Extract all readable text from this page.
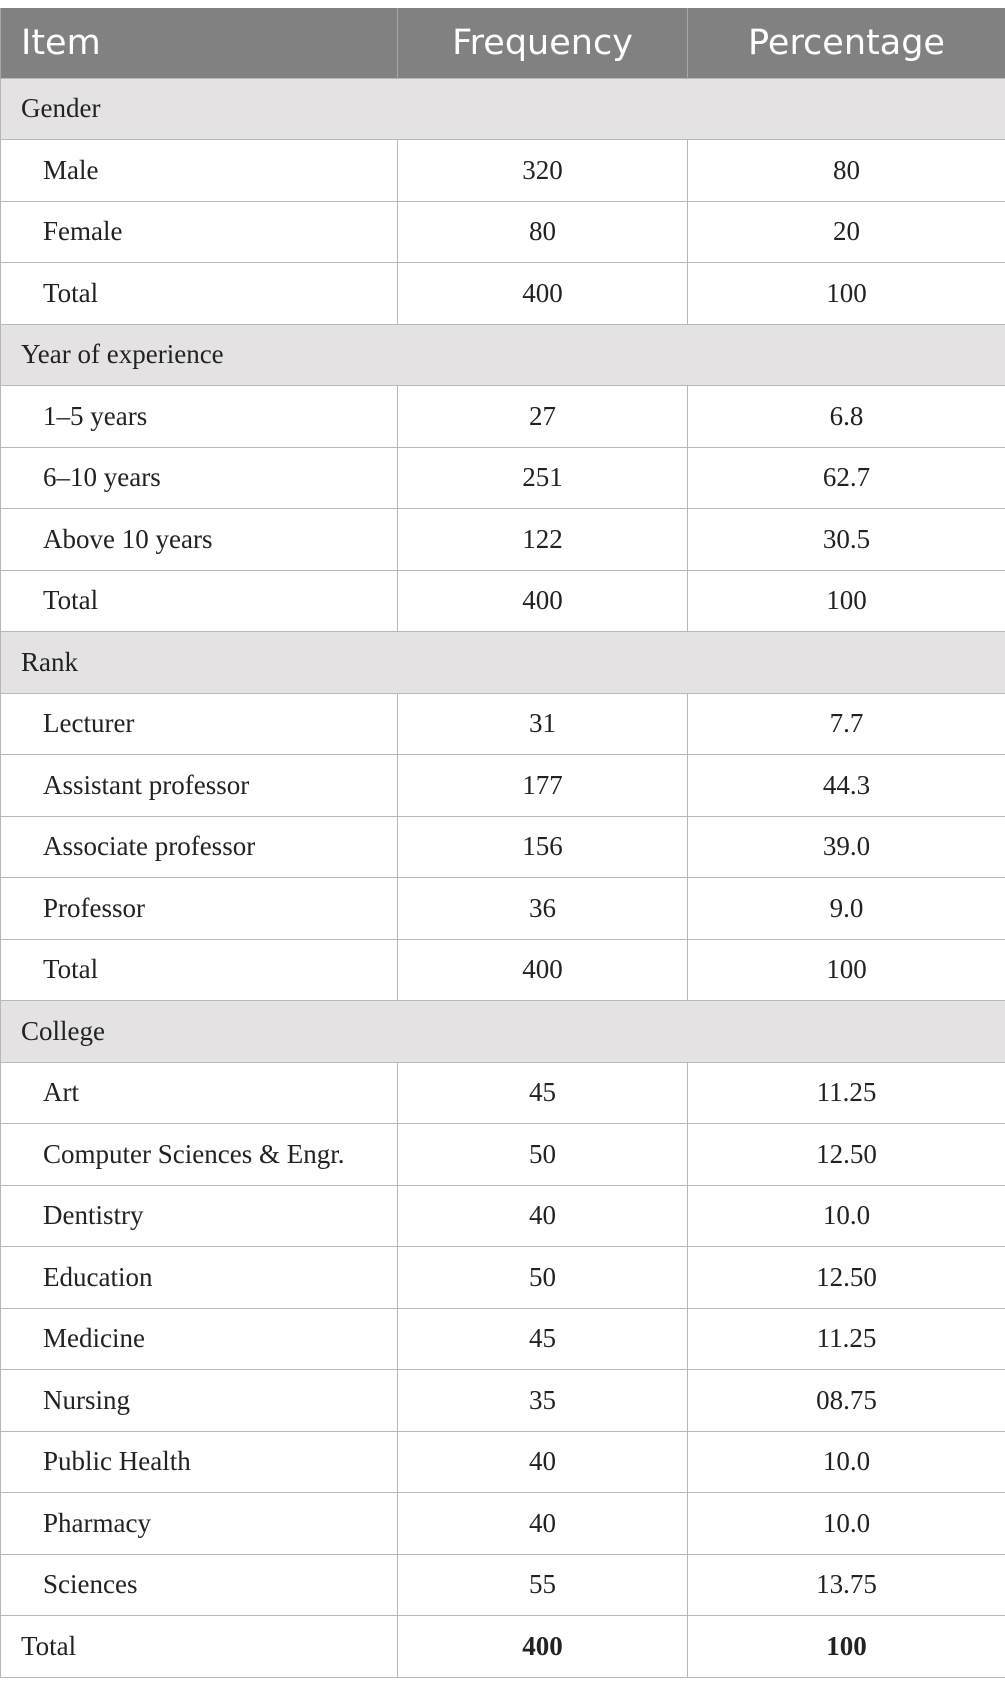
Item	Frequency	Percentage
Gender		
Male	320	80
Female	80	20
Total	400	100
Year of experience		
1–5 years	27	6.8
6–10 years	251	62.7
Above 10 years	122	30.5
Total	400	100
Rank		
Lecturer	31	7.7
Assistant professor	177	44.3
Associate professor	156	39.0
Professor	36	9.0
Total	400	100
College		
Art	45	11.25
Computer Sciences & Engr.	50	12.50
Dentistry	40	10.0
Education	50	12.50
Medicine	45	11.25
Nursing	35	08.75
Public Health	40	10.0
Pharmacy	40	10.0
Sciences	55	13.75
Total	400	100
